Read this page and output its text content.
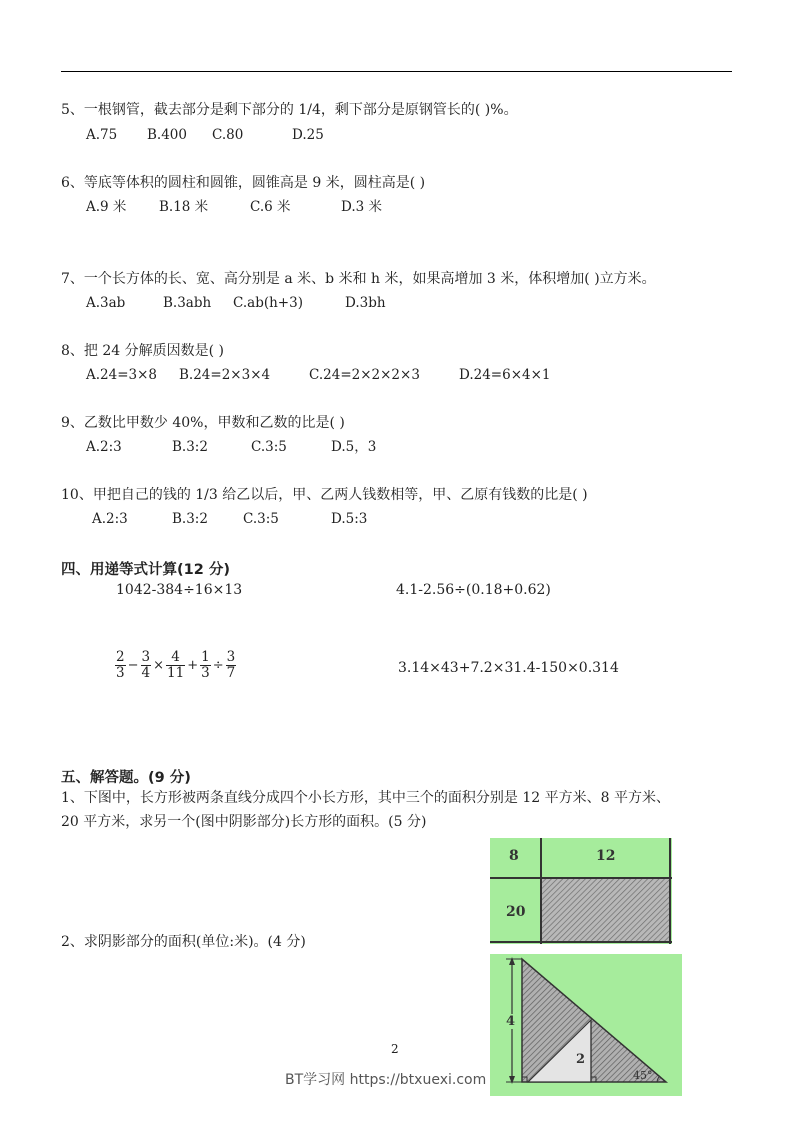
5、一根钢管，截去部分是剩下部分的 1/4，剩下部分是原钢管长的( )%。
A.75 B.400 C.80	D.25
6、等底等体积的圆柱和圆锥，圆锥高是 9 米，圆柱高是( )
A.9 米 B.18 米	C.6 米	D.3 米
7、一个长方体的长、宽、高分别是 a 米、b 米和 h 米，如果高增加 3 米，体积增加( )立方米。
A.3ab	B.3abh C.ab(h+3)	D.3bh
8、把 24 分解质因数是( )
A.24=3×8 B.24=2×3×4	C.24=2×2×2×3	D.24=6×4×1
9、乙数比甲数少 40%，甲数和乙数的比是( )
A.2:3	B.3:2	C.3:5	D.5，3
10、甲把自己的钱的 1/3 给乙以后，甲、乙两人钱数相等，甲、乙原有钱数的比是( )
A.2:3	B.3:2	C.3:5	D.5:3
四、用递等式计算(12 分)
1042-384÷16×13	4.1-2.56÷(0.18+0.62)
$\frac{2}{3} - \frac{3}{4} \times \frac{4}{11} + \frac{1}{3} \div \frac{3}{7}$	3.14×43+7.2×31.4-150×0.314
五、解答题。(9 分)
1、下图中，长方形被两条直线分成四个小长方形，其中三个的面积分别是 12 平方米、8 平方米、
20 平方米，求另一个(图中阴影部分)长方形的面积。(5 分)
8	12
20
2、求阴影部分的面积(单位:米)。(4 分)
4
2
45°
2
BT学习网 https://btxuexi.com
